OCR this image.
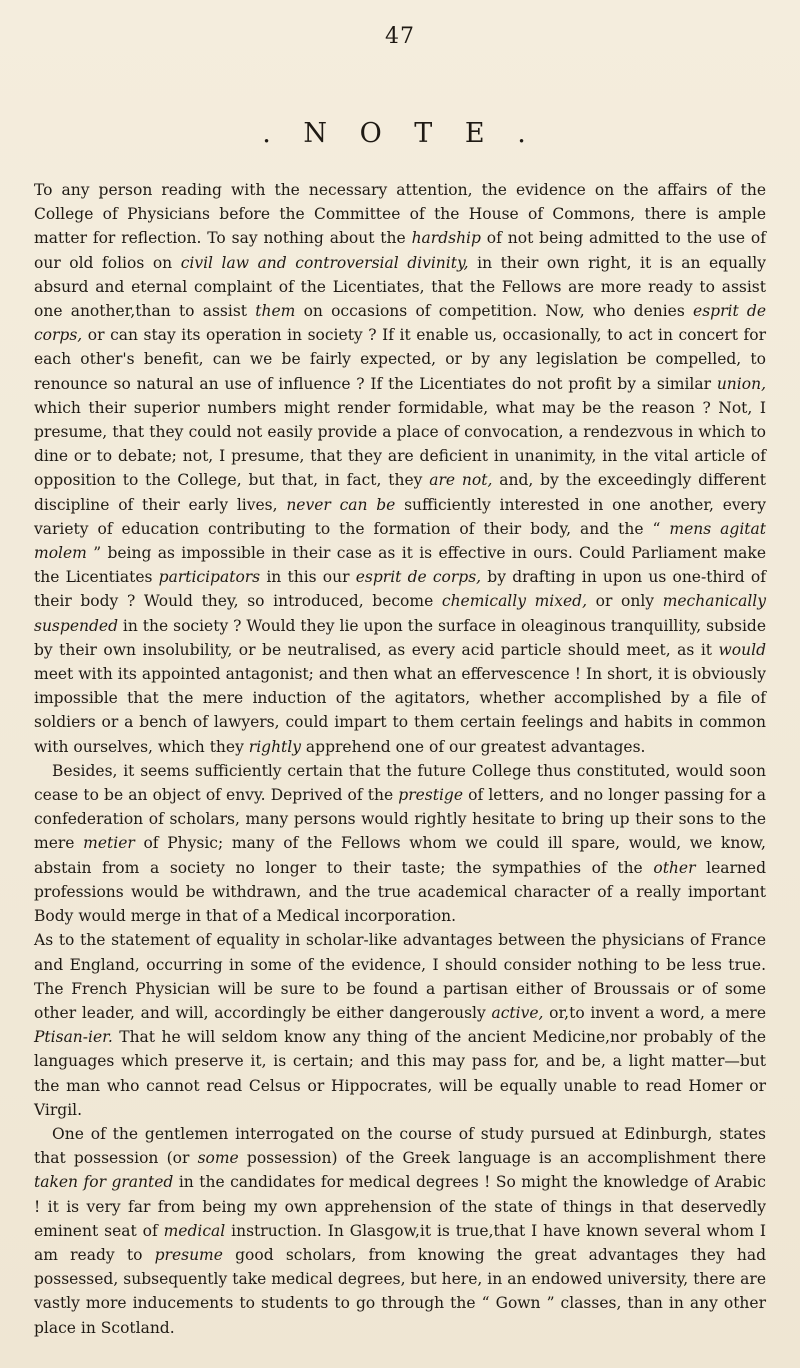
47
. N O T E .

To any person reading with the necessary attention, the evidence on the affairs of the College of Physicians before the Committee of the House of Commons, there is ample matter for reflection. To say nothing about the hardship of not being admitted to the use of our old folios on civil law and controversial divinity, in their own right, it is an equally absurd and eternal complaint of the Licentiates, that the Fellows are more ready to assist one another,than to assist them on occasions of competition. Now, who denies esprit de corps, or can stay its operation in society ? If it enable us, occasionally, to act in concert for each other's benefit, can we be fairly expected, or by any legislation be compelled, to renounce so natural an use of influence ? If the Licentiates do not profit by a similar union, which their superior numbers might render formidable, what may be the reason ? Not, I presume, that they could not easily provide a place of convocation, a rendezvous in which to dine or to debate; not, I presume, that they are deficient in unanimity, in the vital article of opposition to the College, but that, in fact, they are not, and, by the exceedingly different discipline of their early lives, never can be sufficiently interested in one another, every variety of education contributing to the formation of their body, and the “ mens agitat molem ” being as impossible in their case as it is effective in ours. Could Parliament make the Licentiates participators in this our esprit de corps, by drafting in upon us one-third of their body ? Would they, so introduced, become chemically mixed, or only mechanically suspended in the society ? Would they lie upon the surface in oleaginous tranquillity, subside by their own insolubility, or be neutralised, as every acid particle should meet, as it would meet with its appointed antagonist; and then what an effervescence ! In short, it is obviously impossible that the mere induction of the agitators, whether accomplished by a file of soldiers or a bench of lawyers, could impart to them certain feelings and habits in common with ourselves, which they rightly apprehend one of our greatest advantages.

Besides, it seems sufficiently certain that the future College thus constituted, would soon cease to be an object of envy. Deprived of the prestige of letters, and no longer passing for a confederation of scholars, many persons would rightly hesitate to bring up their sons to the mere metier of Physic; many of the Fellows whom we could ill spare, would, we know, abstain from a society no longer to their taste; the sympathies of the other learned professions would be withdrawn, and the true academical character of a really important Body would merge in that of a Medical incorporation.

As to the statement of equality in scholar-like advantages between the physicians of France and England, occurring in some of the evidence, I should consider nothing to be less true. The French Physician will be sure to be found a partisan either of Broussais or of some other leader, and will, accordingly be either dangerously active, or,to invent a word, a mere Ptisan-ier. That he will seldom know any thing of the ancient Medicine,nor probably of the languages which preserve it, is certain; and this may pass for, and be, a light matter—but the man who cannot read Celsus or Hippocrates, will be equally unable to read Homer or Virgil.

One of the gentlemen interrogated on the course of study pursued at Edinburgh, states that possession (or some possession) of the Greek language is an accomplishment there taken for granted in the candidates for medical degrees ! So might the knowledge of Arabic ! it is very far from being my own apprehension of the state of things in that deservedly eminent seat of medical instruction. In Glasgow,it is true,that I have known several whom I am ready to presume good scholars, from knowing the great advantages they had possessed, subsequently take medical degrees, but here, in an endowed university, there are vastly more inducements to students to go through the “ Gown ” classes, than in any other place in Scotland.
